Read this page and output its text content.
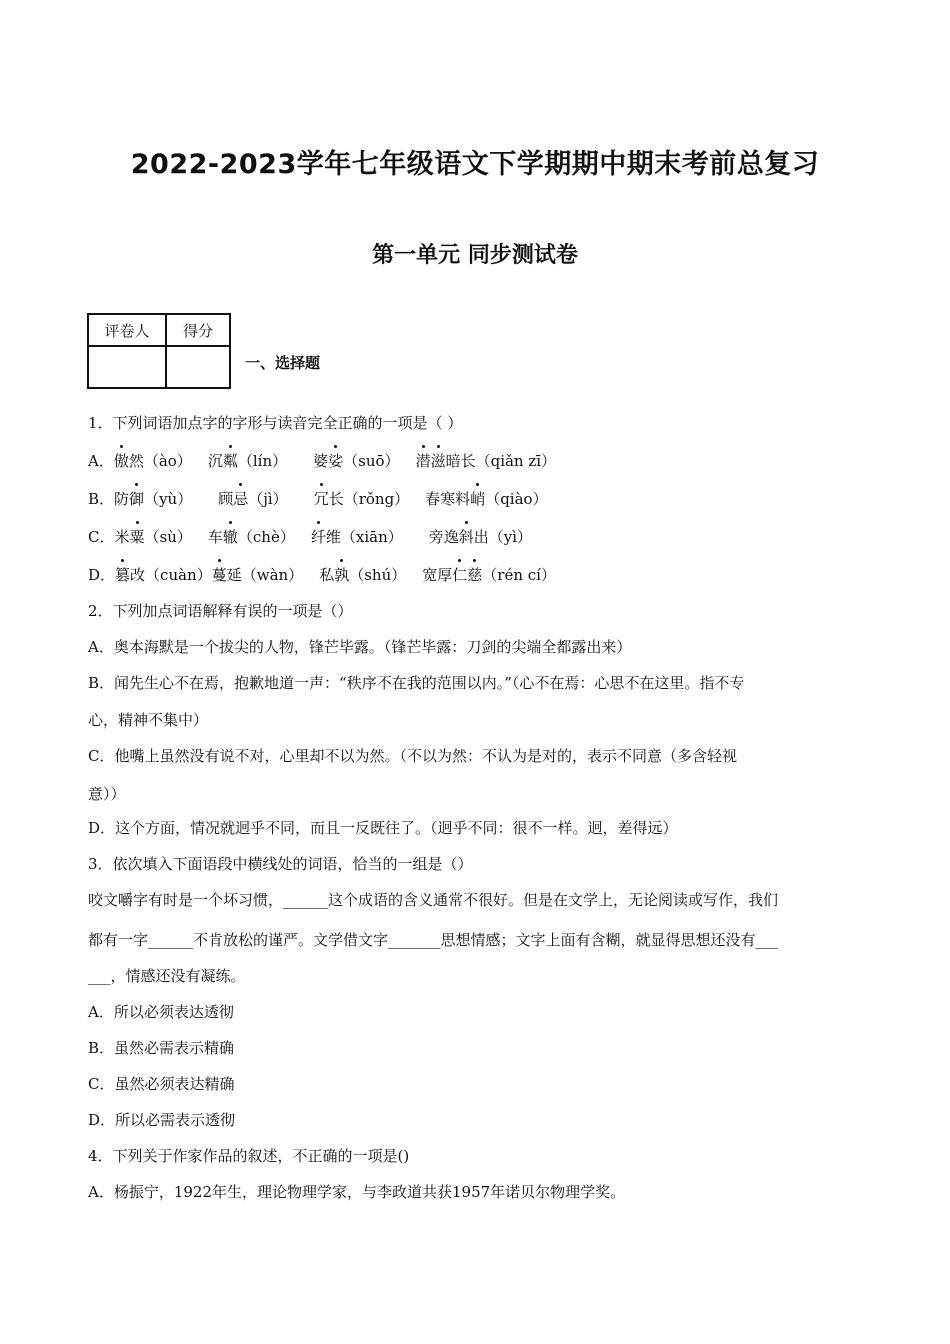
2022-2023学年七年级语文下学期期中期末考前总复习
第一单元 同步测试卷
评卷人	得分

一、选择题
1．下列词语加点字的字形与读音完全正确的一项是（ ）
A．傲然（ào） 沉粼（lín） 婆娑（suō） 潜滋暗长（qiǎn zī）
B．防御（yù） 顾忌（jì） 冗长（rǒng） 春寒料峭（qiào）
C．米粟（sù） 车辙（chè） 纤维（xiān） 旁逸斜出（yì）
D．篡改（cuàn）蔓延（wàn） 私孰（shú） 宽厚仁慈（rén cí）
2．下列加点词语解释有误的一项是（）
A．奥本海默是一个拔尖的人物，锋芒毕露。（锋芒毕露：刀剑的尖端全都露出来）
B．闻先生心不在焉，抱歉地道一声：“秩序不在我的范围以内。”（心不在焉：心思不在这里。指不专
心，精神不集中）
C．他嘴上虽然没有说不对，心里却不以为然。（不以为然：不认为是对的，表示不同意（多含轻视
意））
D．这个方面，情况就迥乎不同，而且一反既往了。（迥乎不同：很不一样。迥，差得远）
3．依次填入下面语段中横线处的词语，恰当的一组是（）
咬文嚼字有时是一个坏习惯，______这个成语的含义通常不很好。但是在文学上，无论阅读或写作，我们
都有一字______不肯放松的谨严。文学借文字_______思想情感；文字上面有含糊，就显得思想还没有___
___，情感还没有凝练。
A．所以必须表达透彻
B．虽然必需表示精确
C．虽然必须表达精确
D．所以必需表示透彻
4．下列关于作家作品的叙述，不正确的一项是()
A．杨振宁，1922年生，理论物理学家，与李政道共获1957年诺贝尔物理学奖。
